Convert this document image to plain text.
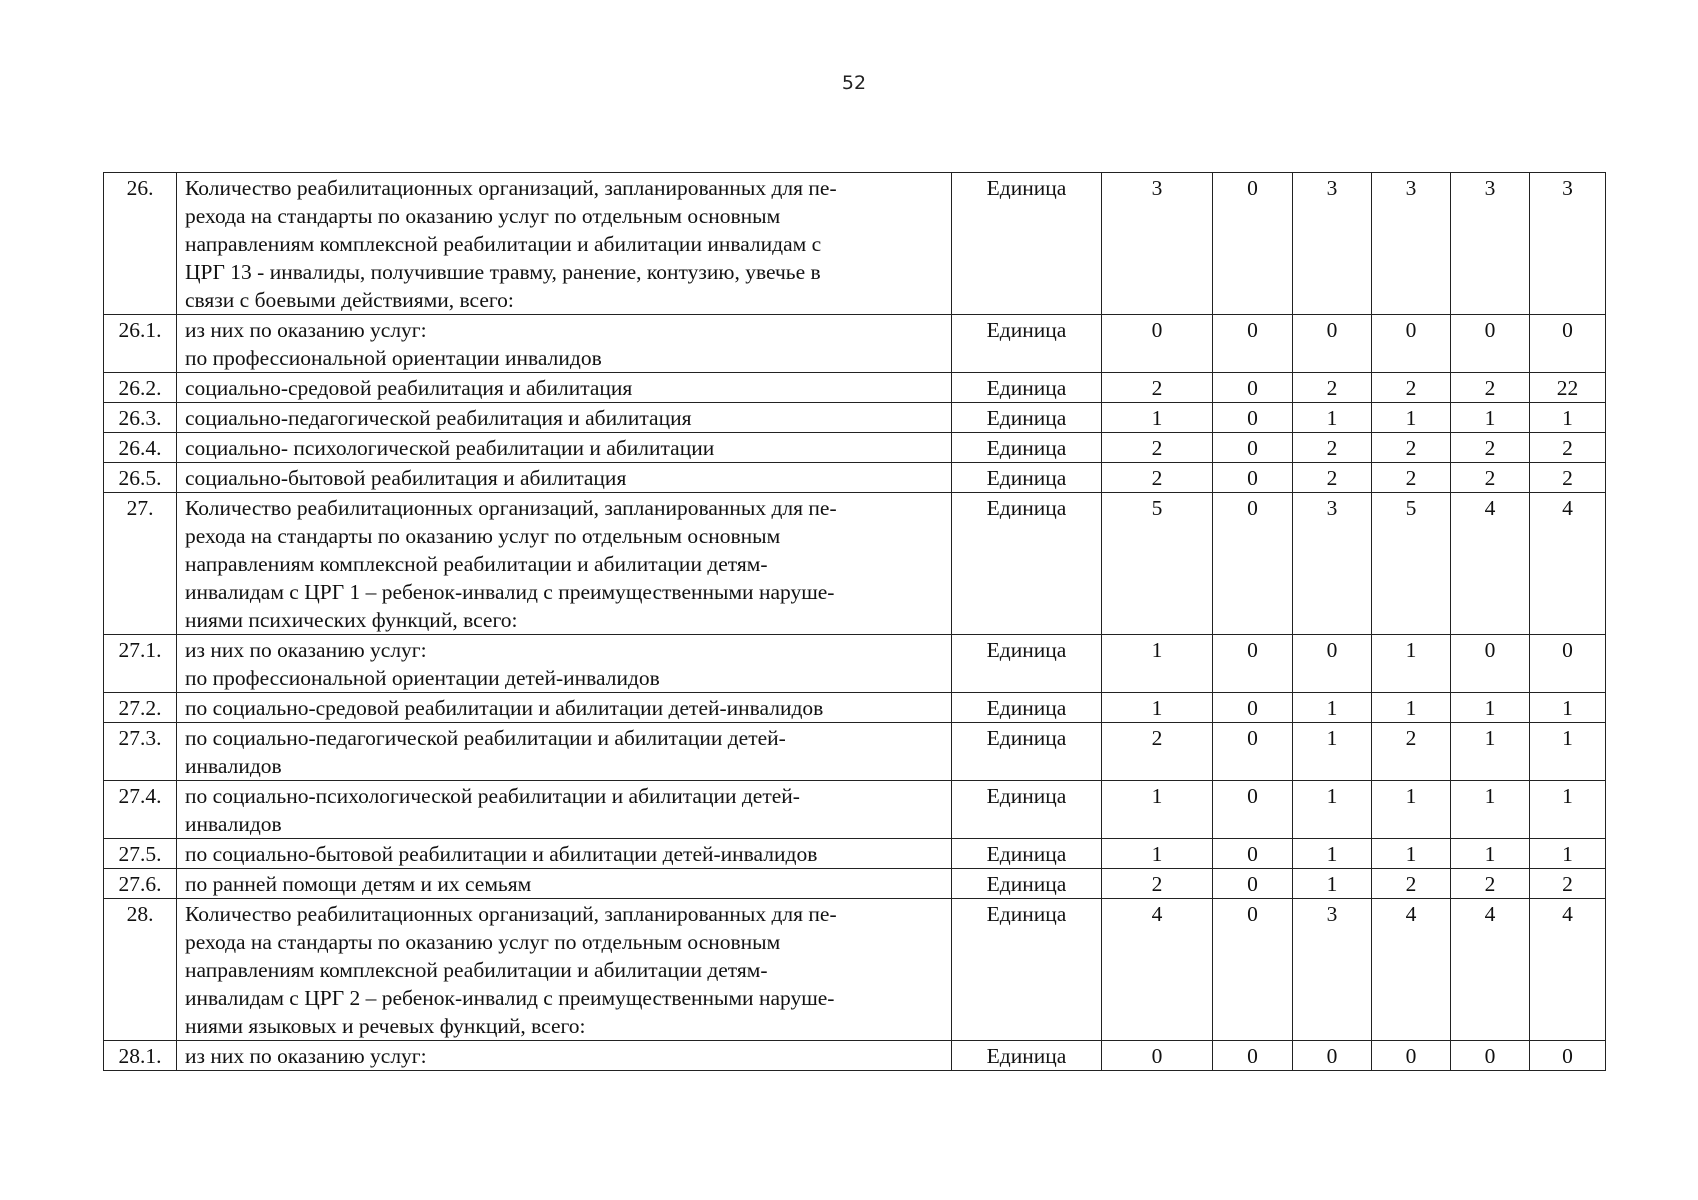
52
26.	Количество реабилитационных организаций, запланированных для пе-
рехода на стандарты по оказанию услуг по отдельным основным
направлениям комплексной реабилитации и абилитации инвалидам с
ЦРГ 13 - инвалиды, получившие травму, ранение, контузию, увечье в
связи с боевыми действиями, всего:	Единица	3	0	3	3	3	3
26.1.	из них по оказанию услуг:
по профессиональной ориентации инвалидов	Единица	0	0	0	0	0	0
26.2.	социально-средовой реабилитация и абилитация	Единица	2	0	2	2	2	22
26.3.	социально-педагогической реабилитация и абилитация	Единица	1	0	1	1	1	1
26.4.	социально- психологической реабилитации и абилитации	Единица	2	0	2	2	2	2
26.5.	социально-бытовой реабилитация и абилитация	Единица	2	0	2	2	2	2
27.	Количество реабилитационных организаций, запланированных для пе-
рехода на стандарты по оказанию услуг по отдельным основным
направлениям комплексной реабилитации и абилитации детям-
инвалидам с ЦРГ 1 – ребенок-инвалид с преимущественными наруше-
ниями психических функций, всего:	Единица	5	0	3	5	4	4
27.1.	из них по оказанию услуг:
по профессиональной ориентации детей-инвалидов	Единица	1	0	0	1	0	0
27.2.	по социально-средовой реабилитации и абилитации детей-инвалидов	Единица	1	0	1	1	1	1
27.3.	по социально-педагогической реабилитации и абилитации детей-
инвалидов	Единица	2	0	1	2	1	1
27.4.	по социально-психологической реабилитации и абилитации детей-
инвалидов	Единица	1	0	1	1	1	1
27.5.	по социально-бытовой реабилитации и абилитации детей-инвалидов	Единица	1	0	1	1	1	1
27.6.	по ранней помощи детям и их семьям	Единица	2	0	1	2	2	2
28.	Количество реабилитационных организаций, запланированных для пе-
рехода на стандарты по оказанию услуг по отдельным основным
направлениям комплексной реабилитации и абилитации детям-
инвалидам с ЦРГ 2 – ребенок-инвалид с преимущественными наруше-
ниями языковых и речевых функций, всего:	Единица	4	0	3	4	4	4
28.1.	из них по оказанию услуг:	Единица	0	0	0	0	0	0
